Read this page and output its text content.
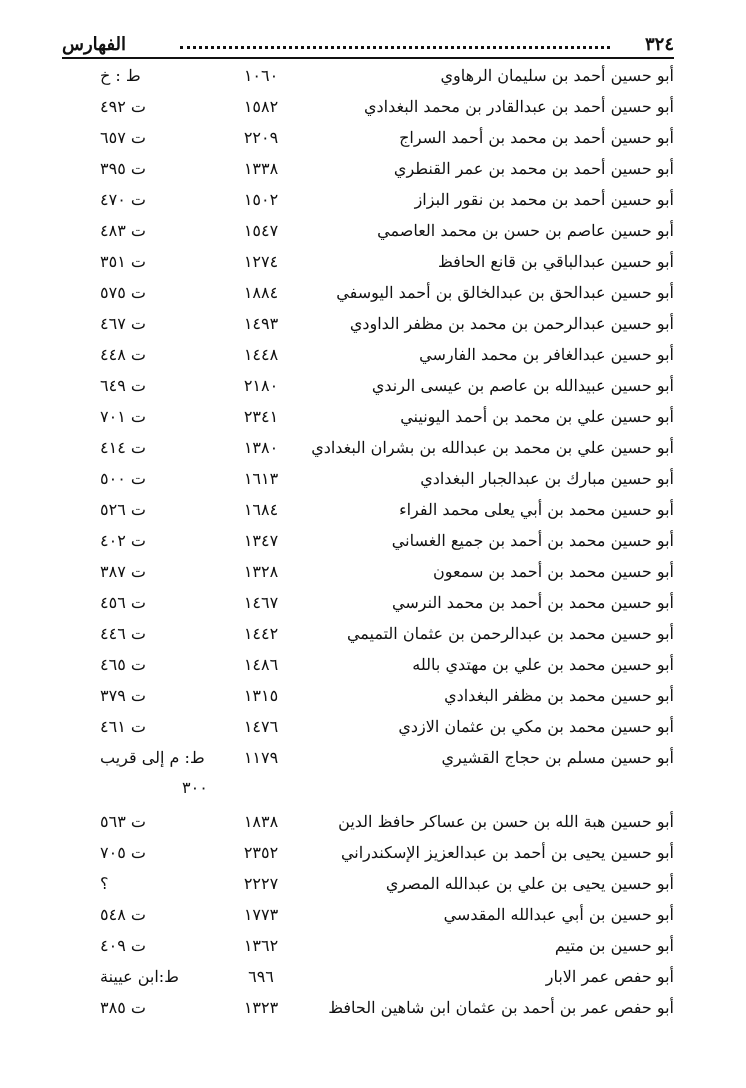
٣٢٤
الفهارس
أبو حسين أحمد بن سليمان الرهاوي
١٠٦٠
ط : خ
أبو حسين أحمد بن عبدالقادر بن محمد البغدادي
١٥٨٢
ت ٤٩٢
أبو حسين أحمد بن محمد بن أحمد السراج
٢٢٠٩
ت ٦٥٧
أبو حسين أحمد بن محمد بن عمر القنطري
١٣٣٨
ت ٣٩٥
أبو حسين أحمد بن محمد بن نقور البزاز
١٥٠٢
ت ٤٧٠
أبو حسين عاصم بن حسن بن محمد العاصمي
١٥٤٧
ت ٤٨٣
أبو حسين عبدالباقي بن قانع الحافظ
١٢٧٤
ت ٣٥١
أبو حسين عبدالحق بن عبدالخالق بن أحمد اليوسفي
١٨٨٤
ت ٥٧٥
أبو حسين عبدالرحمن بن محمد بن مظفر الداودي
١٤٩٣
ت ٤٦٧
أبو حسين عبدالغافر بن محمد الفارسي
١٤٤٨
ت ٤٤٨
أبو حسين عبيدالله بن عاصم بن عيسى الرندي
٢١٨٠
ت ٦٤٩
أبو حسين علي بن محمد بن أحمد اليونيني
٢٣٤١
ت ٧٠١
أبو حسين علي بن محمد بن عبدالله بن بشران البغدادي
١٣٨٠
ت ٤١٤
أبو حسين مبارك بن عبدالجبار البغدادي
١٦١٣
ت ٥٠٠
أبو حسين محمد بن أبي يعلى محمد الفراء
١٦٨٤
ت ٥٢٦
أبو حسين محمد بن أحمد بن جميع الغساني
١٣٤٧
ت ٤٠٢
أبو حسين محمد بن أحمد بن سمعون
١٣٢٨
ت ٣٨٧
أبو حسين محمد بن أحمد بن محمد النرسي
١٤٦٧
ت ٤٥٦
أبو حسين محمد بن عبدالرحمن بن عثمان التميمي
١٤٤٢
ت ٤٤٦
أبو حسين محمد بن علي بن مهتدي بالله
١٤٨٦
ت ٤٦٥
أبو حسين محمد بن مظفر البغدادي
١٣١٥
ت ٣٧٩
أبو حسين محمد بن مكي بن عثمان الازدي
١٤٧٦
ت ٤٦١
أبو حسين مسلم بن حجاج القشيري
١١٧٩
ط: م إلى قريب
٣٠٠
أبو حسين هبة الله بن حسن بن عساكر حافظ الدين
١٨٣٨
ت ٥٦٣
أبو حسين يحيى بن أحمد بن عبدالعزيز الإسكندراني
٢٣٥٢
ت ٧٠٥
أبو حسين يحيى بن علي بن عبدالله المصري
٢٢٢٧
؟
أبو حسين بن أبي عبدالله المقدسي
١٧٧٣
ت ٥٤٨
أبو حسين بن متيم
١٣٦٢
ت ٤٠٩
أبو حفص عمر الابار
٦٩٦
ط:ابن عيينة
أبو حفص عمر بن أحمد بن عثمان ابن شاهين الحافظ
١٣٢٣
ت ٣٨٥
